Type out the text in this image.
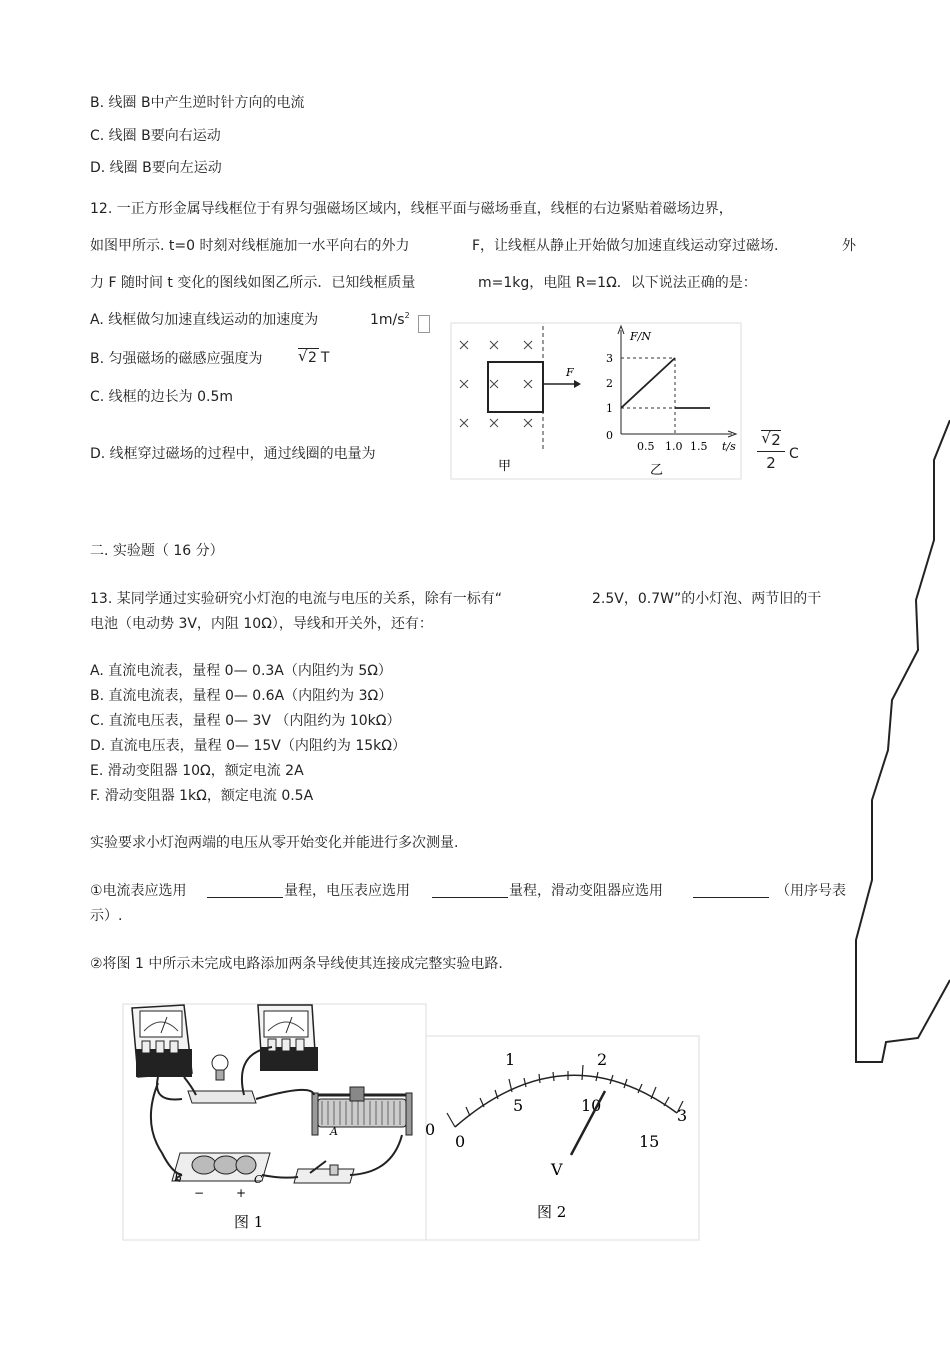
B. 线圈 B中产生逆时针方向的电流
C. 线圈 B要向右运动
D. 线圈 B要向左运动
12. 一正方形金属导线框位于有界匀强磁场区域内，线框平面与磁场垂直，线框的右边紧贴着磁场边界，
如图甲所示. t=0 时刻对线框施加一水平向右的外力	F，让线框从静止开始做匀加速直线运动穿过磁场.	外
力 F 随时间 t 变化的图线如图乙所示．已知线框质量	m=1kg，电阻 R=1Ω．以下说法正确的是：
A. 线框做匀加速直线运动的加速度为	$1m/s^2$
B. 匀强磁场的磁感应强度为 √ 2 T
C. 线框的边长为 0.5m
D. 线框穿过磁场的过程中，通过线圈的电量为
√ 2
2 C
F
甲
F/N
t/s
3
2
1
0
0.5 1.0 1.5
乙
二. 实验题（ 16 分）
13. 某同学通过实验研究小灯泡的电流与电压的关系，除有一标有“	2.5V，0.7W”的小灯泡、两节旧的干
电池（电动势 3V，内阻 10Ω），导线和开关外，还有：
A. 直流电流表，量程 0— 0.3A（内阻约为 5Ω）
B. 直流电流表，量程 0— 0.6A（内阻约为 3Ω）
C. 直流电压表，量程 0— 3V （内阻约为 10kΩ）
D. 直流电压表，量程 0— 15V（内阻约为 15kΩ）
E. 滑动变阻器 10Ω，额定电流 2A
F. 滑动变阻器 1kΩ，额定电流 0.5A
实验要求小灯泡两端的电压从零开始变化并能进行多次测量.
①电流表应选用	量程，电压表应选用	量程，滑动变阻器应选用	（用序号表
示）.
②将图 1 中所示未完成电路添加两条导线使其连接成完整实验电路.
A
B	C
−	+
图 1
0
1	2
3
0
5	10
15
V
图 2
